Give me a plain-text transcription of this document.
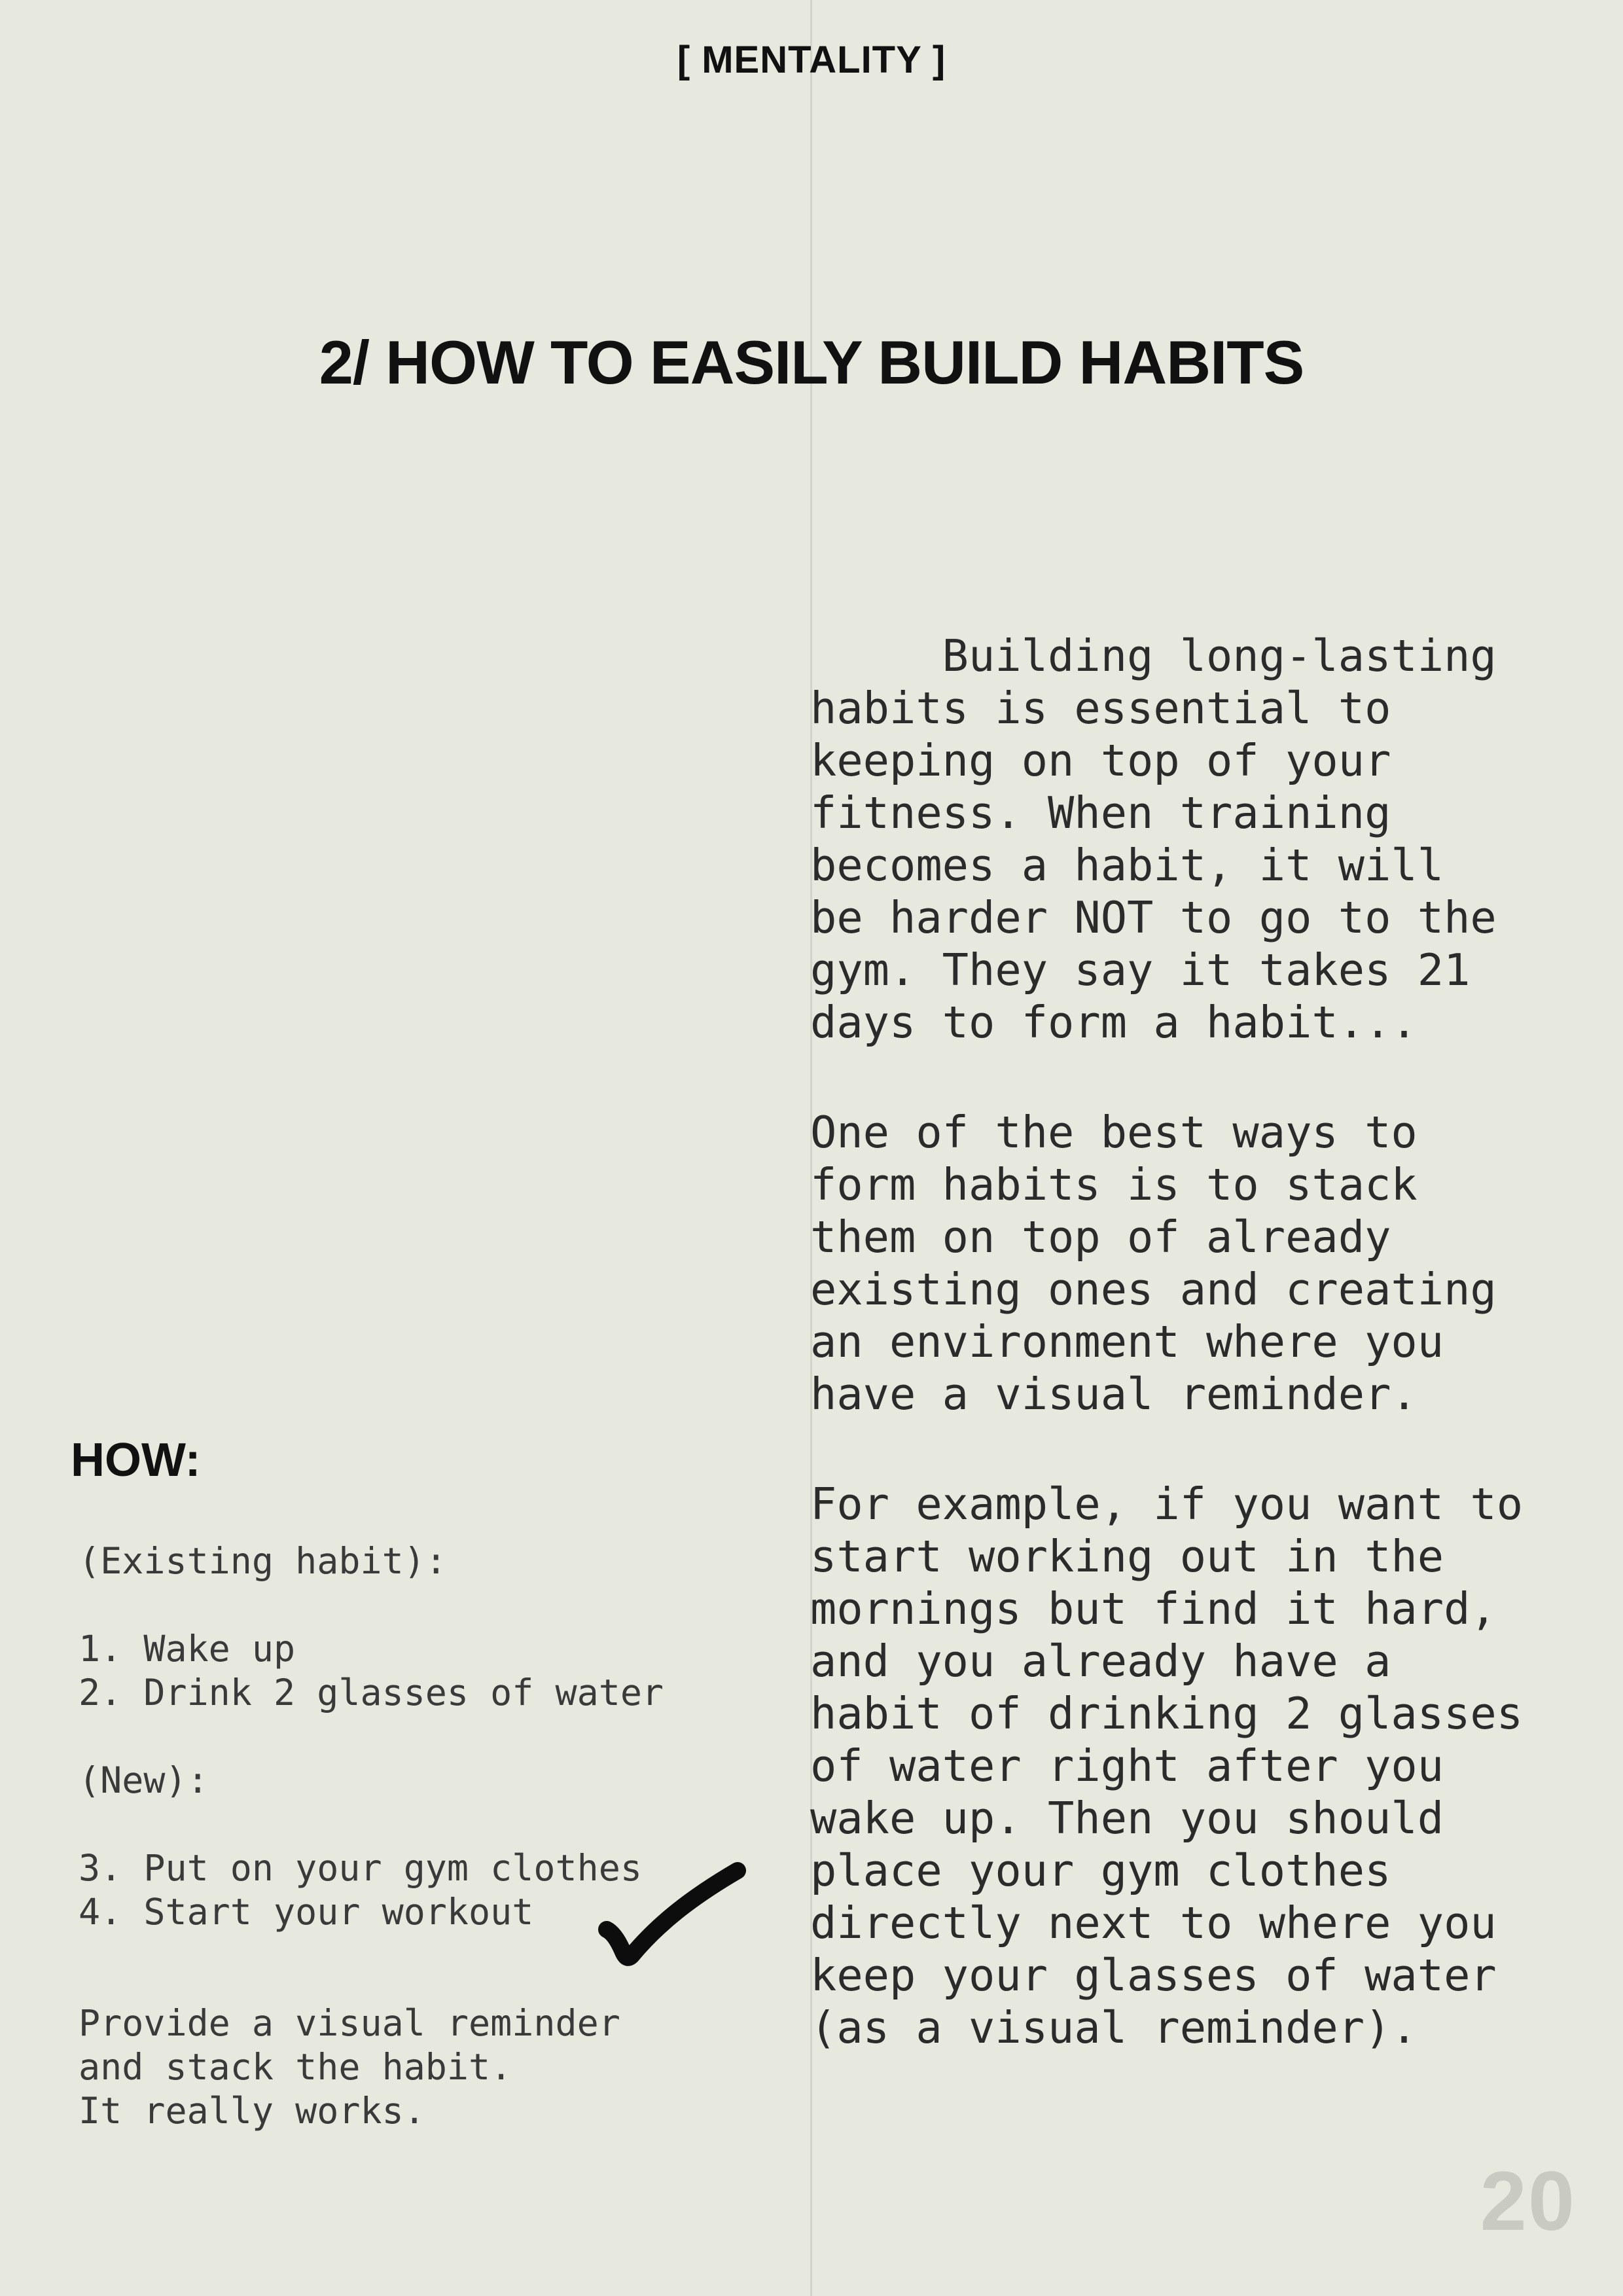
[ MENTALITY ]
2/ HOW TO EASILY BUILD HABITS

Building long-lasting
habits is essential to
keeping on top of your
fitness. When training
becomes a habit, it will
be harder NOT to go to the
gym. They say it takes 21
days to form a habit...

One of the best ways to
form habits is to stack
them on top of already
existing ones and creating
an environment where you
have a visual reminder.

For example, if you want to
start working out in the
mornings but find it hard,
and you already have a
habit of drinking 2 glasses
of water right after you
wake up. Then you should
place your gym clothes
directly next to where you
keep your glasses of water
(as a visual reminder).

HOW:
(Existing habit):
1. Wake up
2. Drink 2 glasses of water
(New):
3. Put on your gym clothes
4. Start your workout
Provide a visual reminder
and stack the habit.
It really works.
20
